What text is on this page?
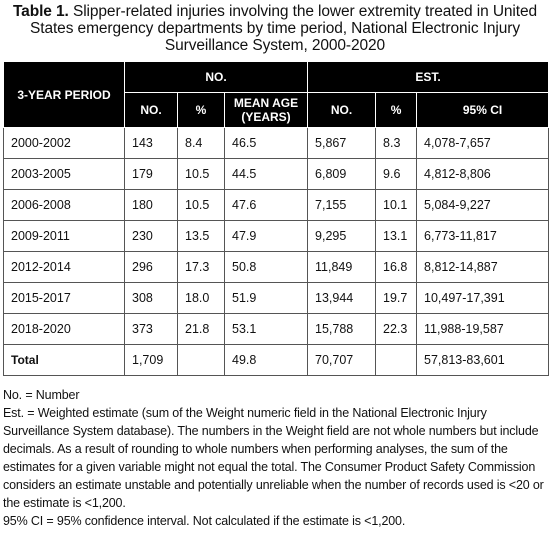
Table 1. Slipper-related injuries involving the lower extremity treated in United States emergency departments by time period, National Electronic Injury Surveillance System, 2000-2020
3-YEAR PERIOD	NO.			EST.		
	NO.	%	MEAN AGE (YEARS)	NO.	%	95% CI
2000-2002	143	8.4	46.5	5,867	8.3	4,078-7,657
2003-2005	179	10.5	44.5	6,809	9.6	4,812-8,806
2006-2008	180	10.5	47.6	7,155	10.1	5,084-9,227
2009-2011	230	13.5	47.9	9,295	13.1	6,773-11,817
2012-2014	296	17.3	50.8	11,849	16.8	8,812-14,887
2015-2017	308	18.0	51.9	13,944	19.7	10,497-17,391
2018-2020	373	21.8	53.1	15,788	22.3	11,988-19,587
Total	1,709		49.8	70,707		57,813-83,601
No. = Number
Est. = Weighted estimate (sum of the Weight numeric field in the National Electronic Injury Surveillance System database). The numbers in the Weight field are not whole numbers but include decimals. As a result of rounding to whole numbers when performing analyses, the sum of the estimates for a given variable might not equal the total. The Consumer Product Safety Commission considers an estimate unstable and potentially unreliable when the number of records used is <20 or the estimate is <1,200.
95% CI = 95% confidence interval. Not calculated if the estimate is <1,200.
